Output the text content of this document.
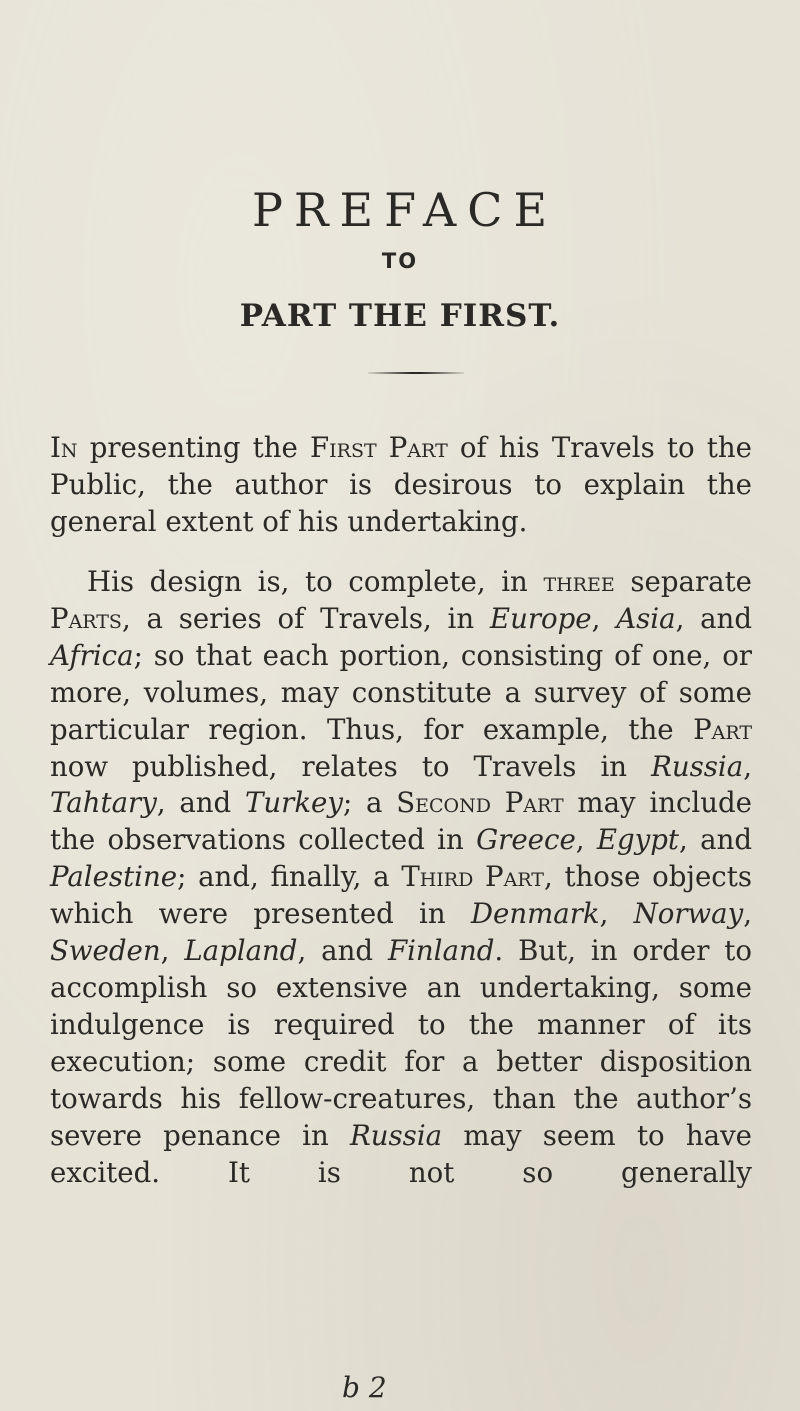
PREFACE
TO
PART THE FIRST.

In presenting the First Part of his Travels to the Public, the author is desirous to explain the general extent of his undertaking.

His design is, to complete, in three separate Parts, a series of Travels, in Europe, Asia, and Africa; so that each portion, consisting of one, or more, volumes, may constitute a survey of some particular region. Thus, for example, the Part now published, relates to Travels in Russia, Tahtary, and Turkey; a Second Part may include the observations collected in Greece, Egypt, and Palestine; and, finally, a Third Part, those objects which were presented in Denmark, Norway, Sweden, Lapland, and Finland. But, in order to accomplish so extensive an undertaking, some indulgence is required to the manner of its execution; some credit for a better disposition towards his fellow-creatures, than the author’s severe penance in Russia may seem to have excited. It is not so generally

b 2
